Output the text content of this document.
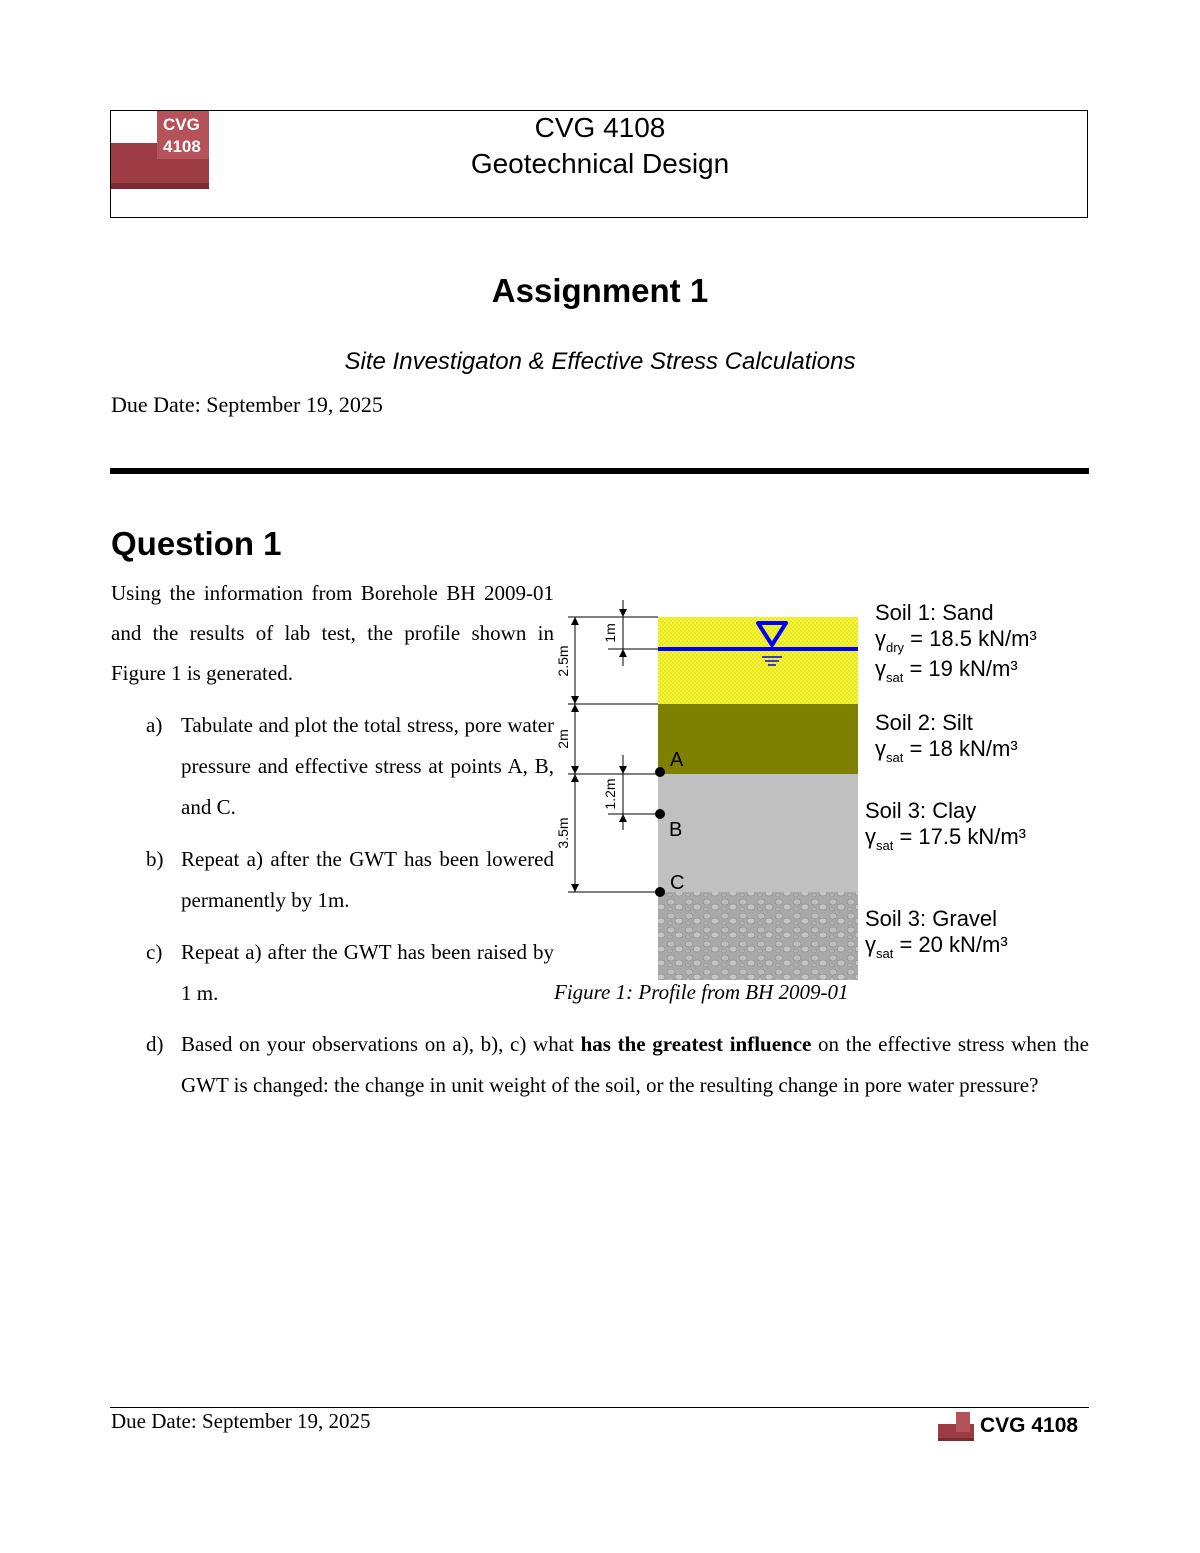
CVG
4108
CVG 4108
Geotechnical Design
Assignment 1
Site Investigaton & Effective Stress Calculations
Due Date: September 19, 2025
Question 1
Using the information from Borehole BH 2009-01 and the results of lab test, the profile shown in Figure 1 is generated.
a) Tabulate and plot the total stress, pore water pressure and effective stress at points A, B, and C.
b) Repeat a) after the GWT has been lowered permanently by 1m.
c) Repeat a) after the GWT has been raised by 1 m.
d) Based on your observations on a), b), c) what has the greatest influence on the effective stress when the GWT is changed: the change in unit weight of the soil, or the resulting change in pore water pressure?
1m
2.5m
2m
1.2m
3.5m
A
B
C
Soil 1: Sand
$\gamma_{dry} = 18.5$ kN/m³
$\gamma_{sat} = 19$ kN/m³
Soil 2: Silt
$\gamma_{sat} = 18$ kN/m³
Soil 3: Clay
$\gamma_{sat} = 17.5$ kN/m³
Soil 3: Gravel
$\gamma_{sat} = 20$ kN/m³
Figure 1: Profile from BH 2009-01
Due Date: September 19, 2025	CVG 4108
